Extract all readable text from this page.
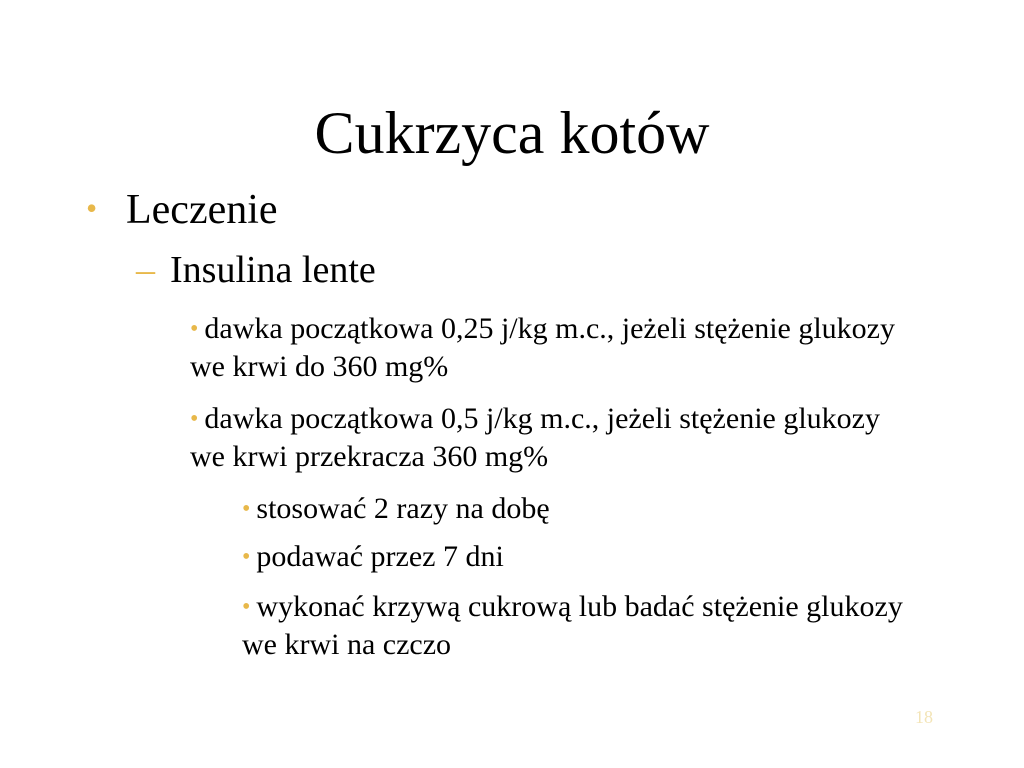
Cukrzyca kotów
• Leczenie
– Insulina lente
• dawka początkowa 0,25 j/kg m.c., jeżeli stężenie glukozy we krwi do 360 mg%
• dawka początkowa 0,5 j/kg m.c., jeżeli stężenie glukozy we krwi przekracza 360 mg%
• stosować 2 razy na dobę
• podawać przez 7 dni
• wykonać krzywą cukrową lub badać stężenie glukozy we krwi na czczo
18
